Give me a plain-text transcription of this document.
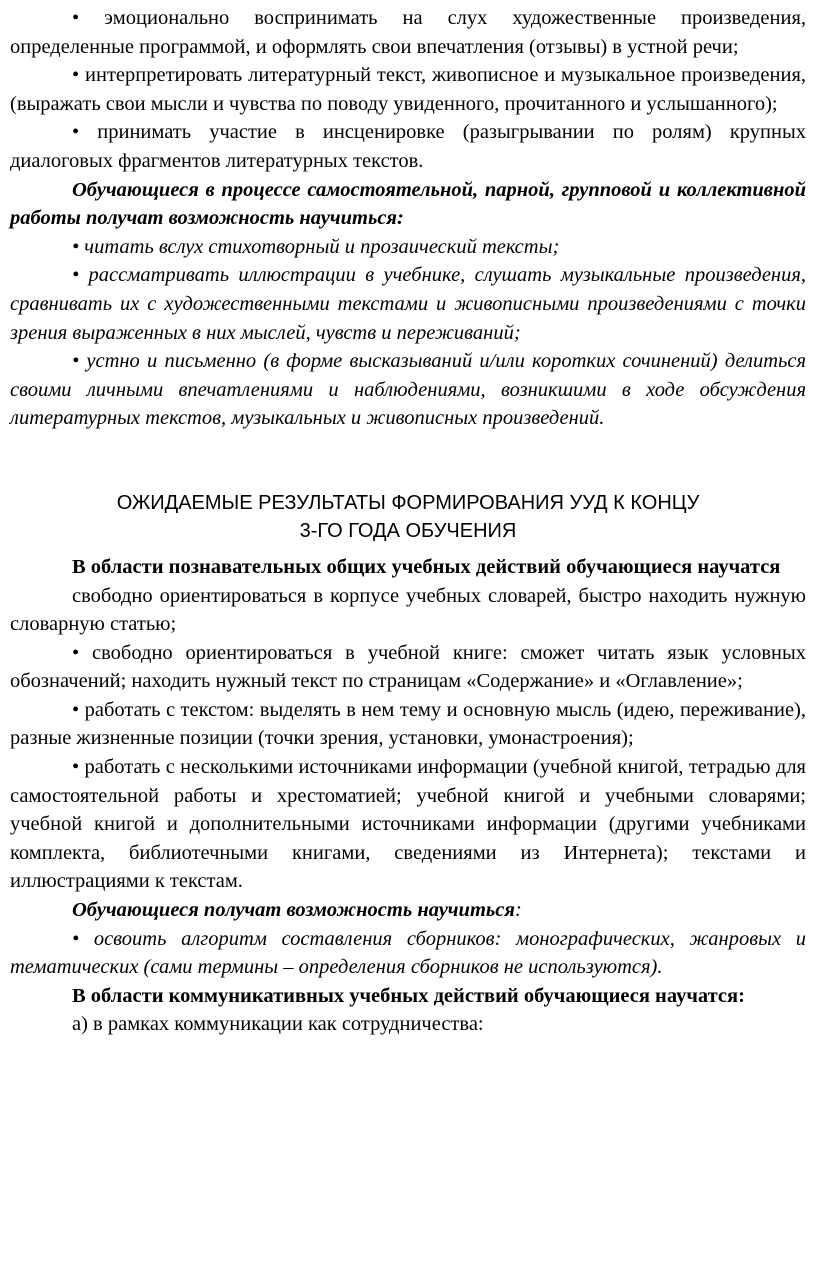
• эмоционально воспринимать на слух художественные произведения, определенные программой, и оформлять свои впечатления (отзывы) в устной речи;

• интерпретировать литературный текст, живописное и музыкальное произведения, (выражать свои мысли и чувства по поводу увиденного, прочитанного и услышанного);

• принимать участие в инсценировке (разыгрывании по ролям) крупных диалоговых фрагментов литературных текстов.

Обучающиеся в процессе самостоятельной, парной, групповой и коллективной работы получат возможность научиться:

• читать вслух стихотворный и прозаический тексты;

• рассматривать иллюстрации в учебнике, слушать музыкальные произведения, сравнивать их с художественными текстами и живописными произведениями с точки зрения выраженных в них мыслей, чувств и переживаний;

• устно и письменно (в форме высказываний и/или коротких сочинений) делиться своими личными впечатлениями и наблюдениями, возникшими в ходе обсуждения литературных текстов, музыкальных и живописных произведений.

ОЖИДАЕМЫЕ РЕЗУЛЬТАТЫ ФОРМИРОВАНИЯ УУД К КОНЦУ

3-ГО ГОДА ОБУЧЕНИЯ

В области познавательных общих учебных действий обучающиеся научатся

свободно ориентироваться в корпусе учебных словарей, быстро находить нужную словарную статью;

• свободно ориентироваться в учебной книге: сможет читать язык условных обозначений; находить нужный текст по страницам «Содержание» и «Оглавление»;

• работать с текстом: выделять в нем тему и основную мысль (идею, переживание), разные жизненные позиции (точки зрения, установки, умонастроения);

• работать с несколькими источниками информации (учебной книгой, тетрадью для самостоятельной работы и хрестоматией; учебной книгой и учебными словарями; учебной книгой и дополнительными источниками информации (другими учебниками комплекта, библиотечными книгами, сведениями из Интернета); текстами и иллюстрациями к текстам.

Обучающиеся получат возможность научиться:

• освоить алгоритм составления сборников: монографических, жанровых и тематических (сами термины – определения сборников не используются).

В области коммуникативных учебных действий обучающиеся научатся:

а) в рамках коммуникации как сотрудничества:
